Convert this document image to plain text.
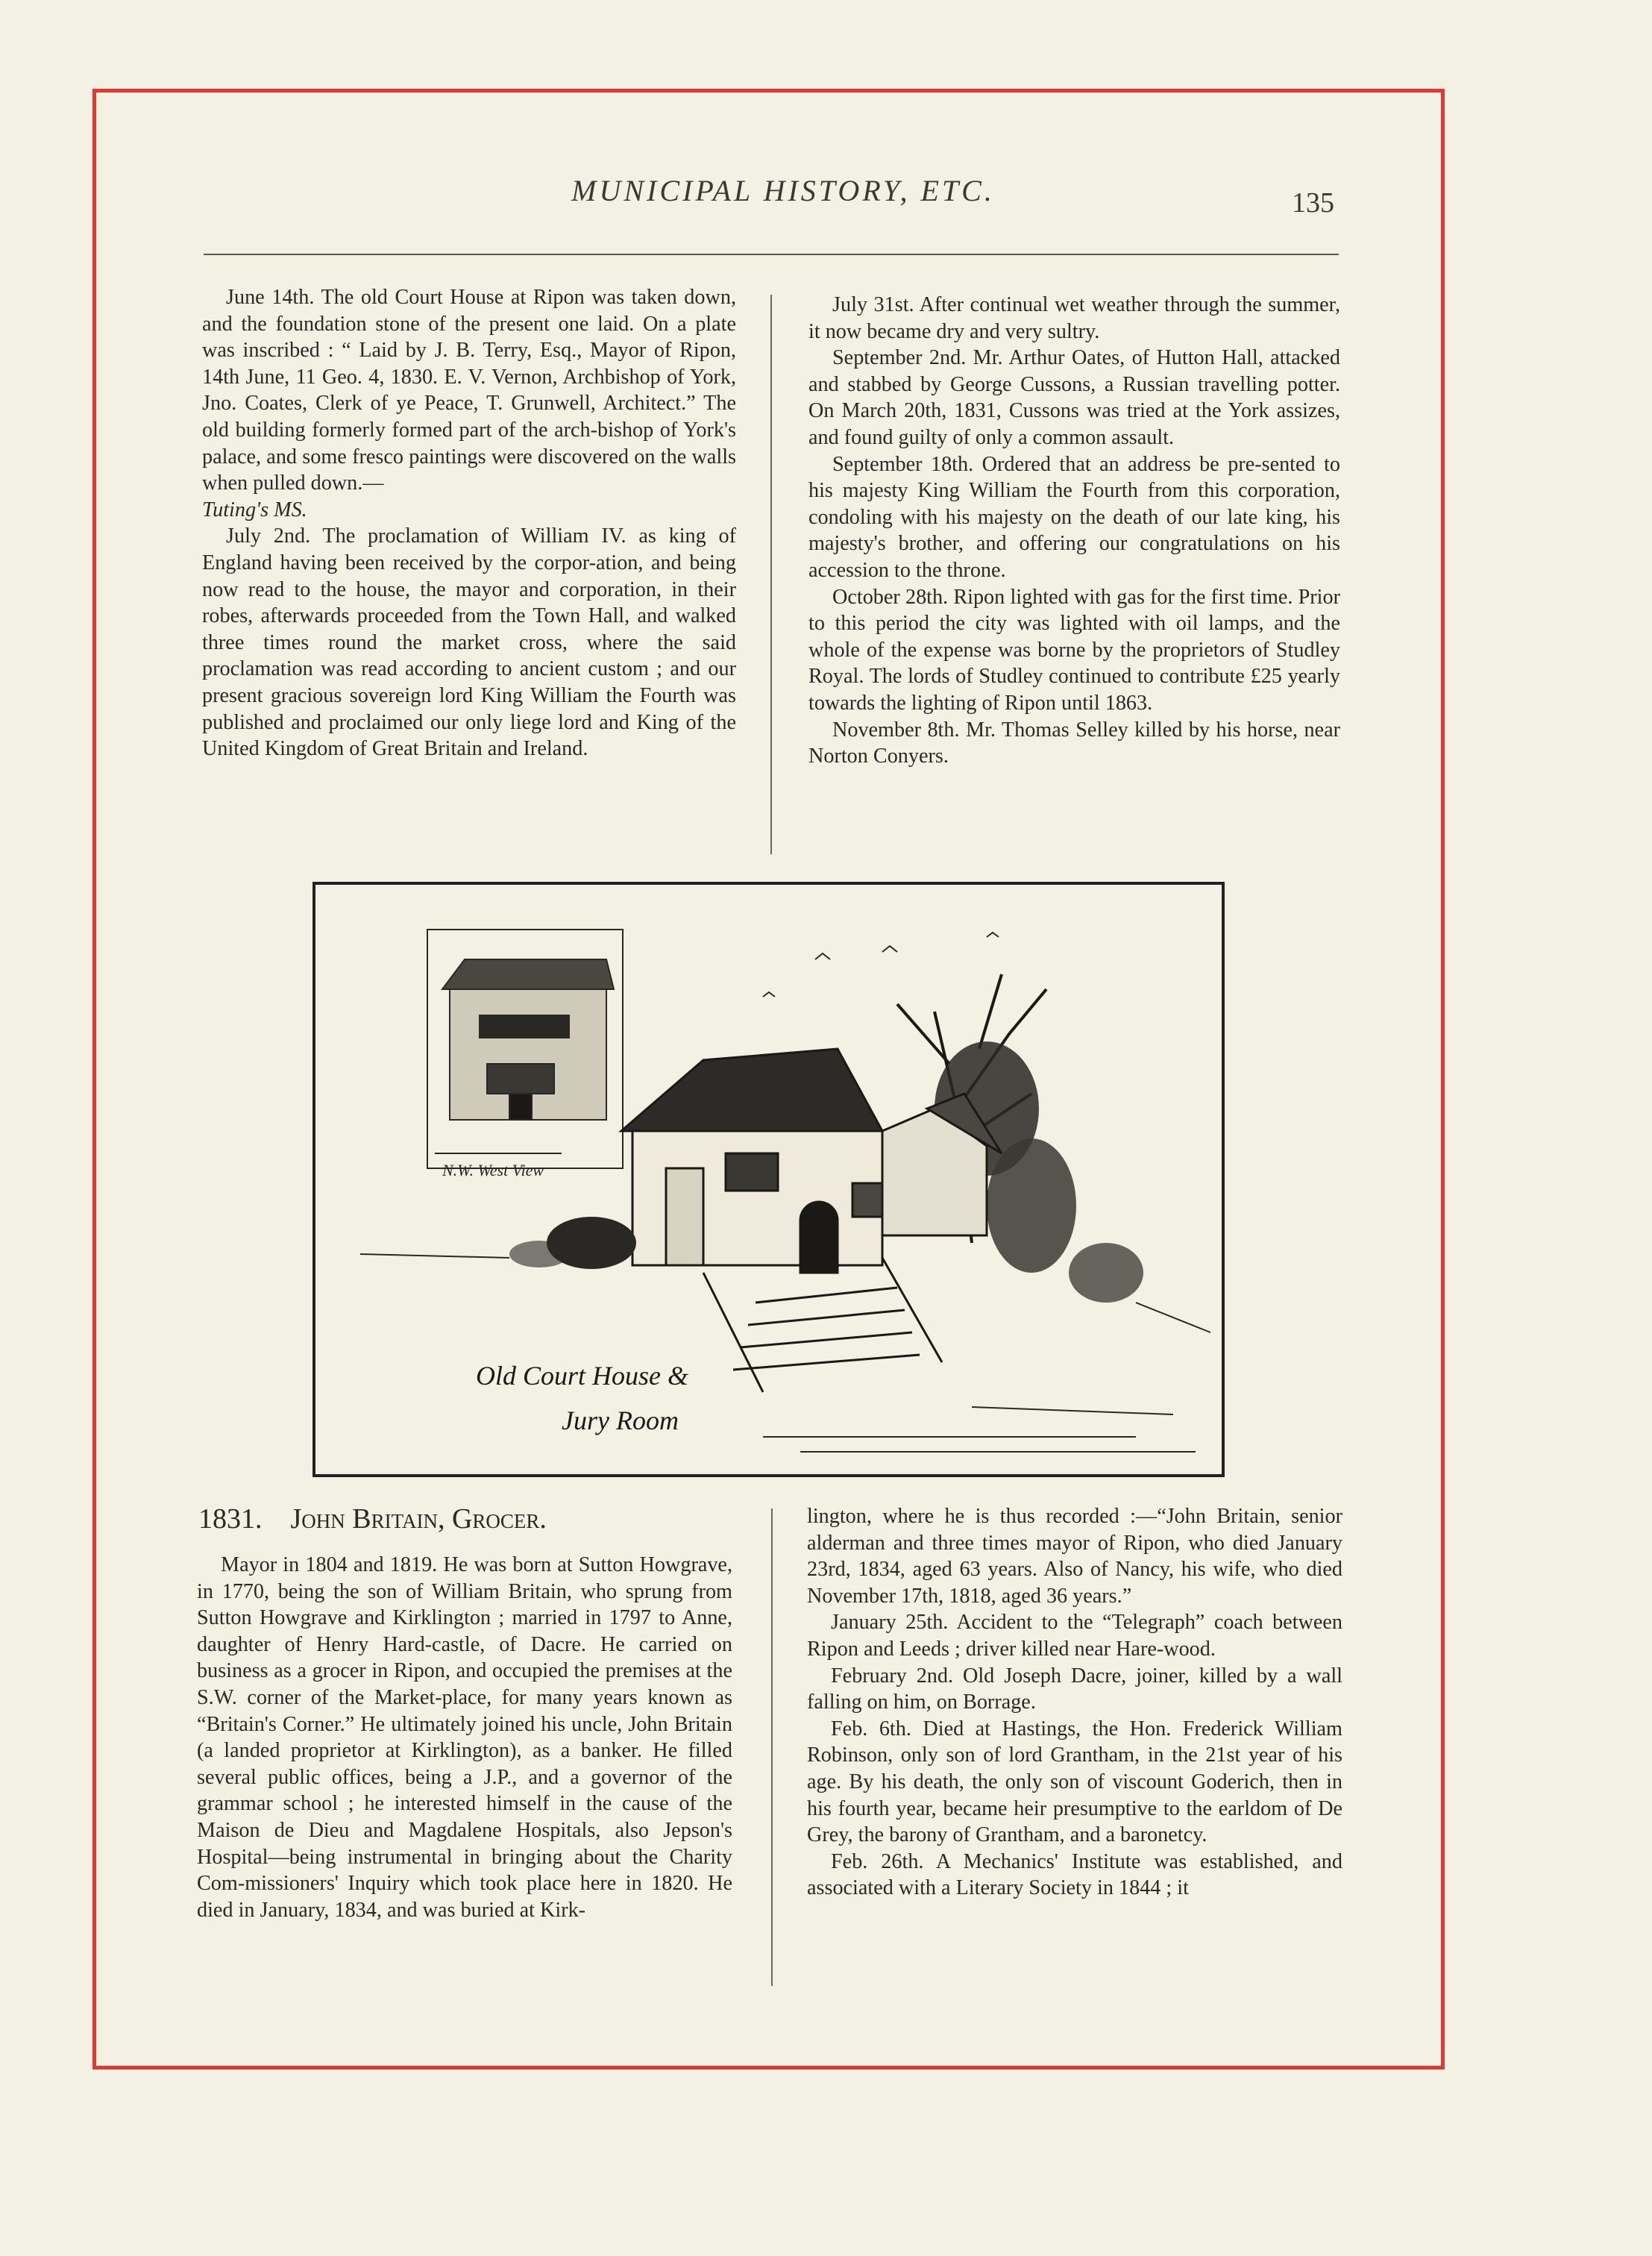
MUNICIPAL HISTORY, ETC.	135

June 14th. The old Court House at Ripon was taken down, and the foundation stone of the present one laid. On a plate was inscribed : “ Laid by J. B. Terry, Esq., Mayor of Ripon, 14th June, 11 Geo. 4, 1830. E. V. Vernon, Archbishop of York, Jno. Coates, Clerk of ye Peace, T. Grunwell, Architect.” The old building formerly formed part of the arch-bishop of York's palace, and some fresco paintings were discovered on the walls when pulled down.—

Tuting's MS.

July 2nd. The proclamation of William IV. as king of England having been received by the corpor-ation, and being now read to the house, the mayor and corporation, in their robes, afterwards proceeded from the Town Hall, and walked three times round the market cross, where the said proclamation was read according to ancient custom ; and our present gracious sovereign lord King William the Fourth was published and proclaimed our only liege lord and King of the United Kingdom of Great Britain and Ireland.

July 31st. After continual wet weather through the summer, it now became dry and very sultry.

September 2nd. Mr. Arthur Oates, of Hutton Hall, attacked and stabbed by George Cussons, a Russian travelling potter. On March 20th, 1831, Cussons was tried at the York assizes, and found guilty of only a common assault.

September 18th. Ordered that an address be pre-sented to his majesty King William the Fourth from this corporation, condoling with his majesty on the death of our late king, his majesty's brother, and offering our congratulations on his accession to the throne.

October 28th. Ripon lighted with gas for the first time. Prior to this period the city was lighted with oil lamps, and the whole of the expense was borne by the proprietors of Studley Royal. The lords of Studley continued to contribute £25 yearly towards the lighting of Ripon until 1863.

November 8th. Mr. Thomas Selley killed by his horse, near Norton Conyers.

N.W. West View
Old Court House &
Jury Room
1831. John Britain, Grocer.

Mayor in 1804 and 1819. He was born at Sutton Howgrave, in 1770, being the son of William Britain, who sprung from Sutton Howgrave and Kirklington ; married in 1797 to Anne, daughter of Henry Hard-castle, of Dacre. He carried on business as a grocer in Ripon, and occupied the premises at the S.W. corner of the Market-place, for many years known as “Britain's Corner.” He ultimately joined his uncle, John Britain (a landed proprietor at Kirklington), as a banker. He filled several public offices, being a J.P., and a governor of the grammar school ; he interested himself in the cause of the Maison de Dieu and Magdalene Hospitals, also Jepson's Hospital—being instrumental in bringing about the Charity Com-missioners' Inquiry which took place here in 1820. He died in January, 1834, and was buried at Kirk-

lington, where he is thus recorded :—“John Britain, senior alderman and three times mayor of Ripon, who died January 23rd, 1834, aged 63 years. Also of Nancy, his wife, who died November 17th, 1818, aged 36 years.”

January 25th. Accident to the “Telegraph” coach between Ripon and Leeds ; driver killed near Hare-wood.

February 2nd. Old Joseph Dacre, joiner, killed by a wall falling on him, on Borrage.

Feb. 6th. Died at Hastings, the Hon. Frederick William Robinson, only son of lord Grantham, in the 21st year of his age. By his death, the only son of viscount Goderich, then in his fourth year, became heir presumptive to the earldom of De Grey, the barony of Grantham, and a baronetcy.

Feb. 26th. A Mechanics' Institute was established, and associated with a Literary Society in 1844 ; it
